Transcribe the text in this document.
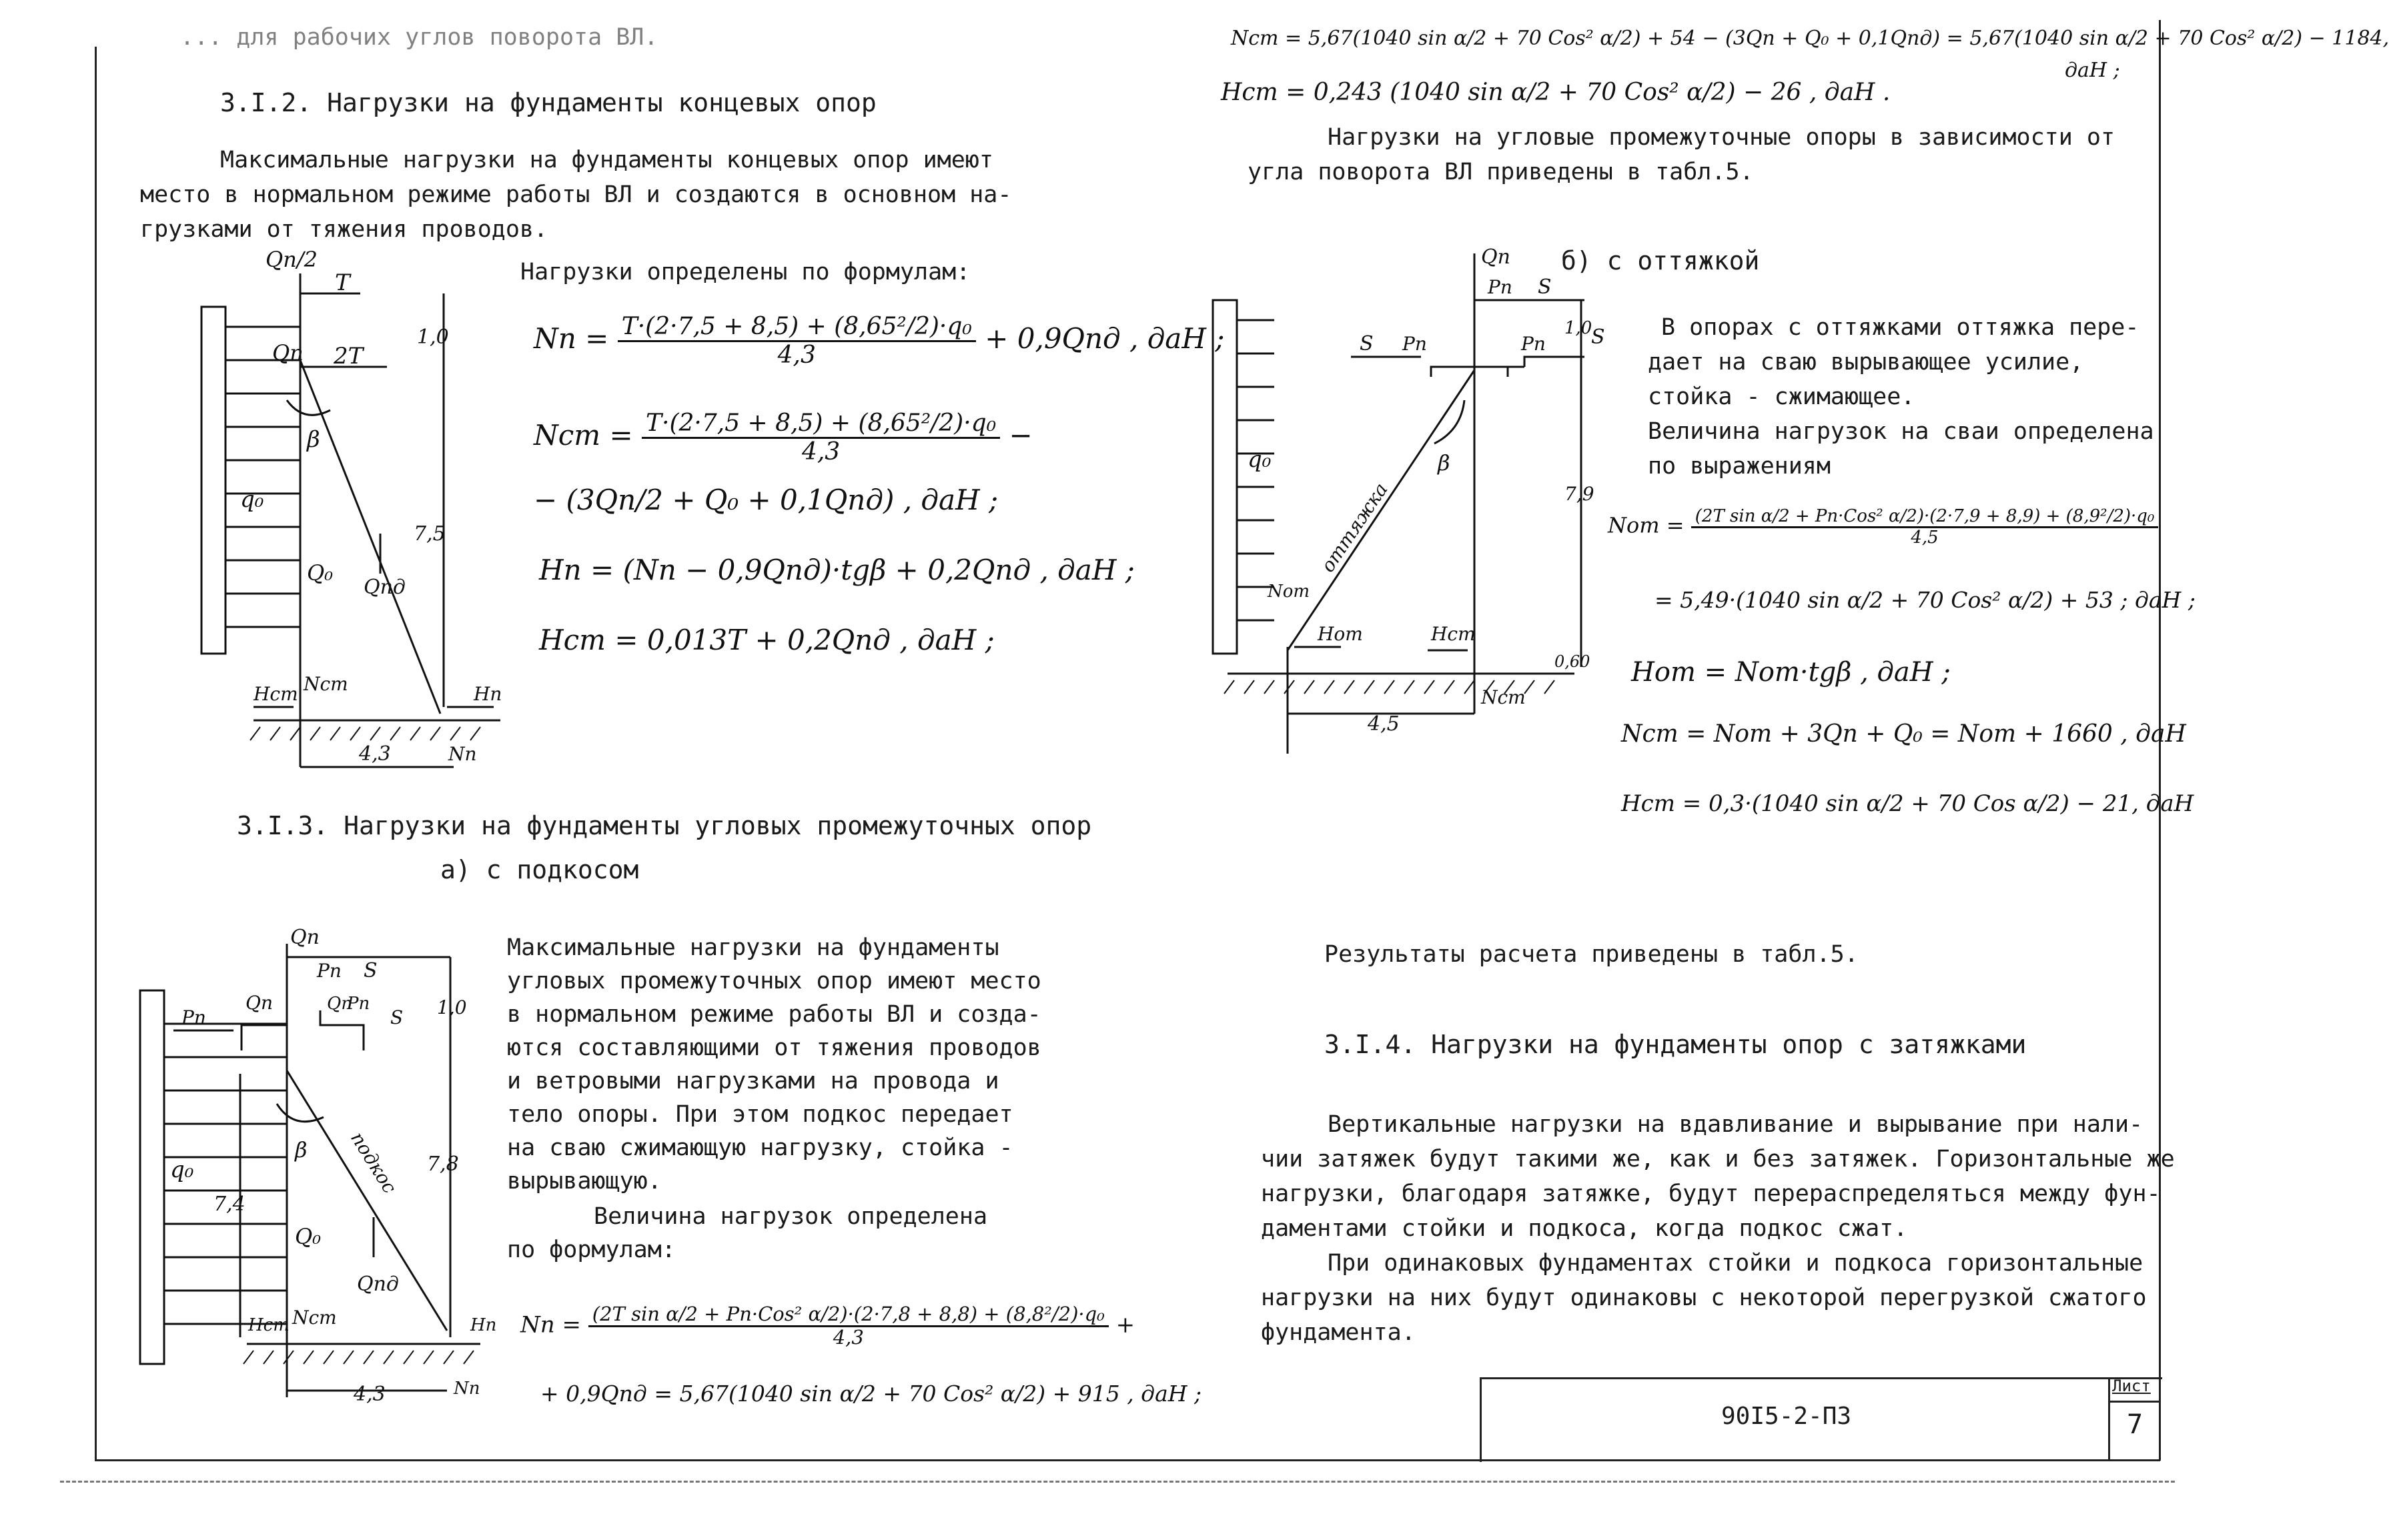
... для рабочих углов поворота ВЛ.
3.I.2. Нагрузки на фундаменты концевых опор
Максимальные нагрузки на фундаменты концевых опор имеют
место в нормальном режиме работы ВЛ и создаются в основном на-
грузками от тяжения проводов.
Нагрузки определены по формулам:
Qп/2
T
2T
Qп
β
q₀
Q₀
Qпд
Hст Nст	Hп
Nп
1,0
7,5
4,3
Nп = $\frac{\text{T·(2·7,5 + 8,5) + (8,65²/2)·q₀}}{4,3} + 0,9Qпд$ , даН ;
Nст = $\frac{\text{T·(2·7,5 + 8,5) + (8,65²/2)·q₀}}{4,3}$ −
− (3Qп/2 + Q₀ + 0,1Qпд) , даН ;
Hп = (Nп − 0,9Qпд)·tgβ + 0,2Qпд , даН ;
Hст = 0,013T + 0,2Qпд , даН ;
3.I.3. Нагрузки на фундаменты угловых промежуточных опор
а) с подкосом
Qп
Pп S
Pп
Qп	Qп
Pп
S
q₀
β подкос
Q₀
Qпд
Hст Nст	Hп
Nп
1,0
7,4
7,8
4,3
Максимальные нагрузки на фундаменты
угловых промежуточных опор имеют место
в нормальном режиме работы ВЛ и созда-
ются составляющими от тяжения проводов
и ветровыми нагрузками на провода и
тело опоры. При этом подкос передает
на сваю сжимающую нагрузку, стойка -
вырывающую.
Величина нагрузок определена
по формулам:
Nп = $\frac{\text{(2T sin α/2 + Pп·Cos² α/2)·(2·7,8 + 8,8) + (8,8²/2)·q₀}}{4,3}$ +
+ 0,9Qпд = 5,67(1040 sin α/2 + 70 Cos² α/2) + 915 , даН ;
Nст = 5,67(1040 sin α/2 + 70 Cos² α/2) + 54 − (3Qп + Q₀ + 0,1Qпд) = 5,67(1040 sin α/2 + 70 Cos² α/2) − 1184,
даН ;
Hст = 0,243 (1040 sin α/2 + 70 Cos² α/2) − 26 , даН .
Нагрузки на угловые промежуточные опоры в зависимости от
угла поворота ВЛ приведены в табл.5.
б) с оттяжкой
Qп
Pп S
S Pп	Pп S
q₀	β
оттяжка
Nот
Hот	Hст
Nст
1,0
7,9
0,60
4,5
В опорах с оттяжками оттяжка пере-
дает на сваю вырывающее усилие,
стойка - сжимающее.
Величина нагрузок на сваи определена
по выражениям
Nот = $\frac{\text{(2T sin α/2 + Pп·Cos² α/2)·(2·7,9 + 8,9) + (8,9²/2)·q₀}}{4,5}$
= 5,49·(1040 sin α/2 + 70 Cos² α/2) + 53 ; даН ;
Hот = Nот·tgβ , даН ;
Nст = Nот + 3Qп + Q₀ = Nот + 1660 , даН
Hст = 0,3·(1040 sin α/2 + 70 Cos α/2) − 21, даН
Результаты расчета приведены в табл.5.
3.I.4. Нагрузки на фундаменты опор с затяжками
Вертикальные нагрузки на вдавливание и вырывание при нали-
чии затяжек будут такими же, как и без затяжек. Горизонтальные же
нагрузки, благодаря затяжке, будут перераспределяться между фун-
даментами стойки и подкоса, когда подкос сжат.
При одинаковых фундаментах стойки и подкоса горизонтальные
нагрузки на них будут одинаковы с некоторой перегрузкой сжатого
фундамента.
90I5-2-ПЗ
Лист
7
